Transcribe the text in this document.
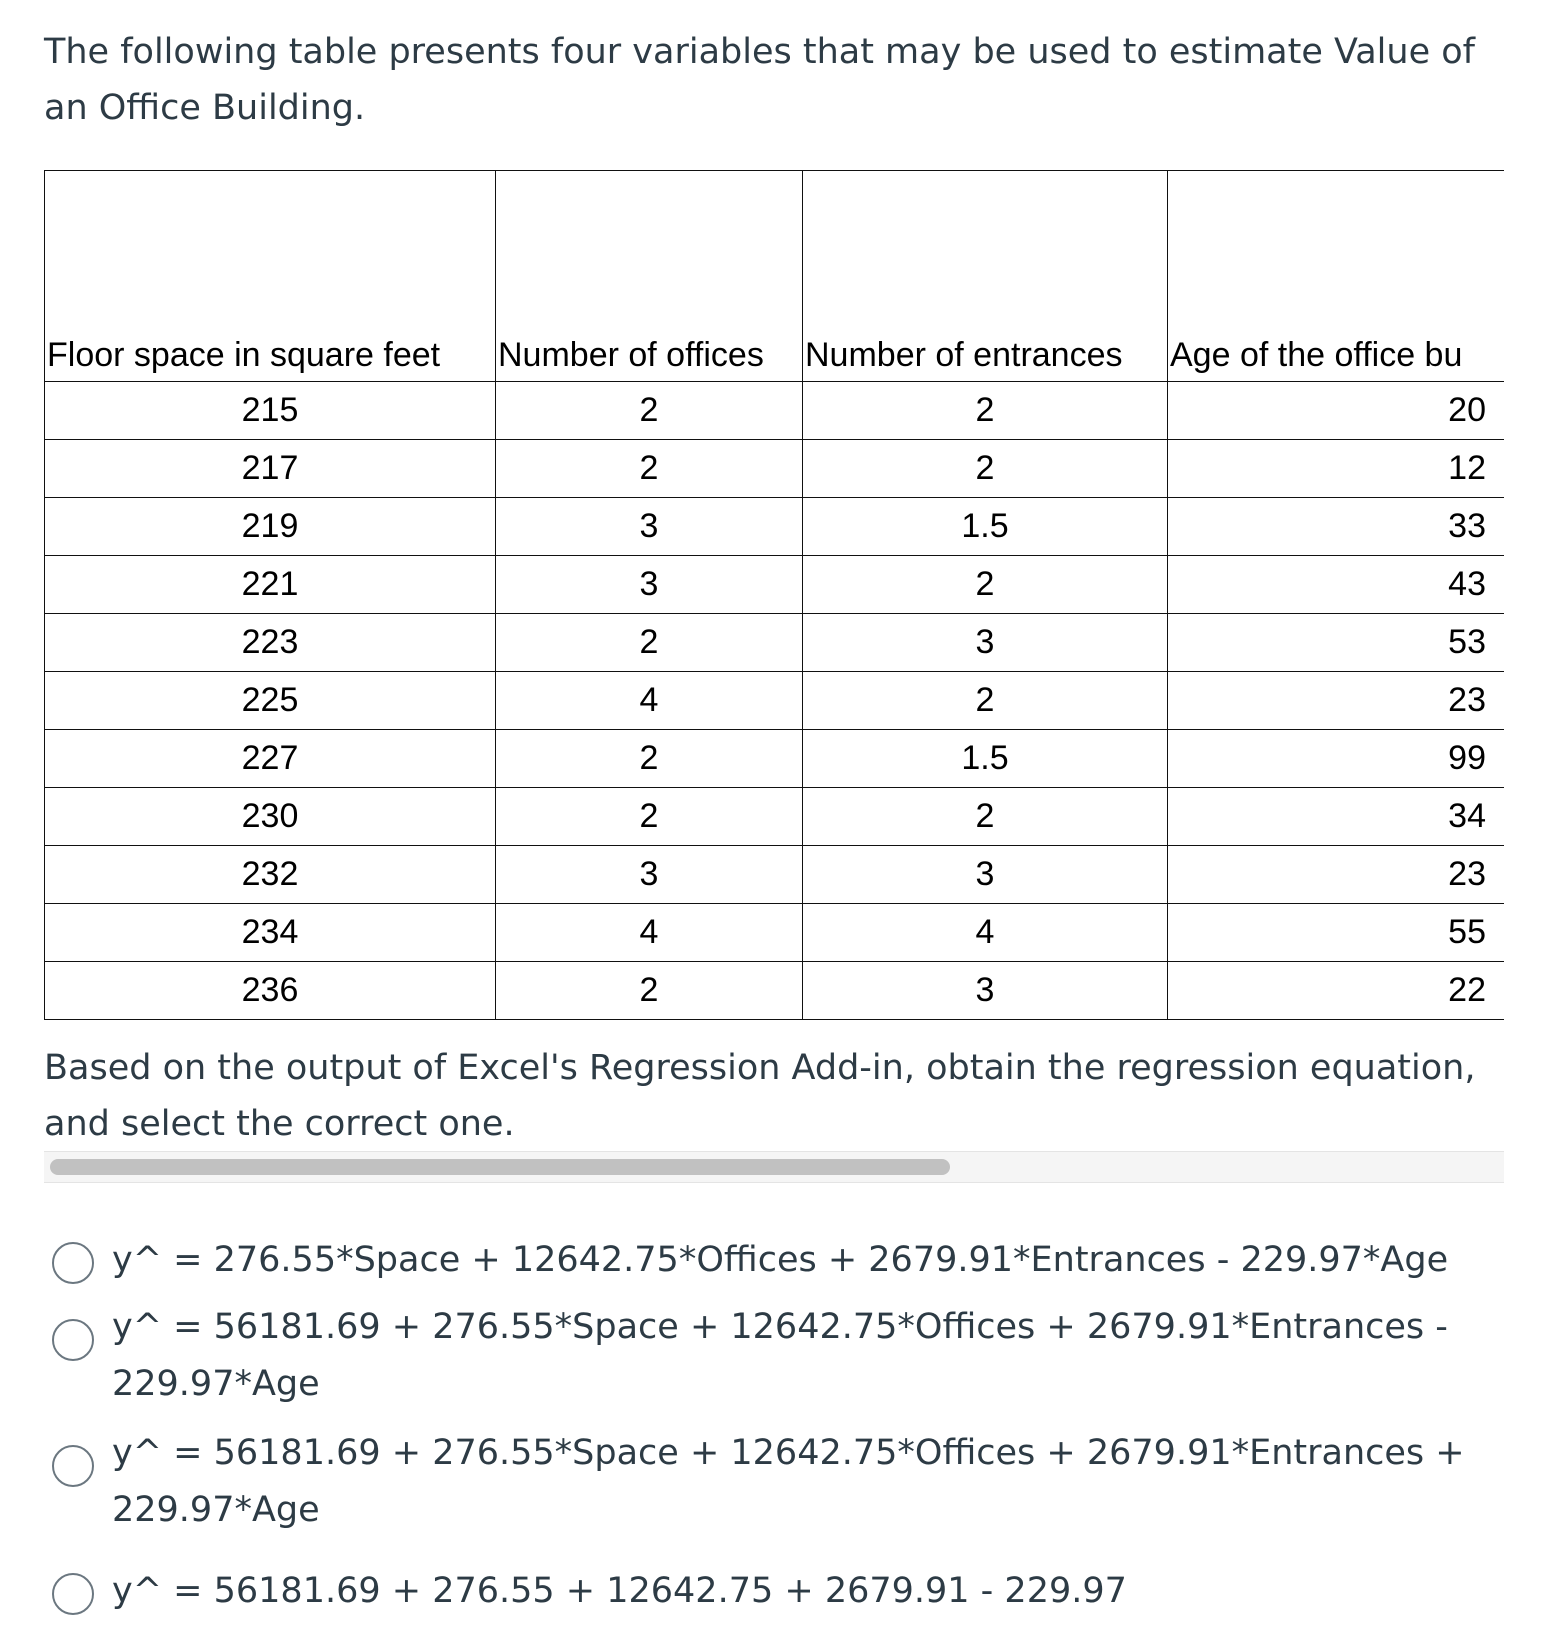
The following table presents four variables that may be used to estimate Value of an Office Building.

Floor space in square feet	Number of offices	Number of entrances	Age of the office bu
215	2	2	20
217	2	2	12
219	3	1.5	33
221	3	2	43
223	2	3	53
225	4	2	23
227	2	1.5	99
230	2	2	34
232	3	3	23
234	4	4	55
236	2	3	22

Based on the output of Excel's Regression Add-in, obtain the regression equation, and select the correct one.

y^ = 276.55*Space + 12642.75*Offices + 2679.91*Entrances - 229.97*Age
y^ = 56181.69 + 276.55*Space + 12642.75*Offices + 2679.91*Entrances - 229.97*Age
y^ = 56181.69 + 276.55*Space + 12642.75*Offices + 2679.91*Entrances + 229.97*Age
y^ = 56181.69 + 276.55 + 12642.75 + 2679.91 - 229.97
